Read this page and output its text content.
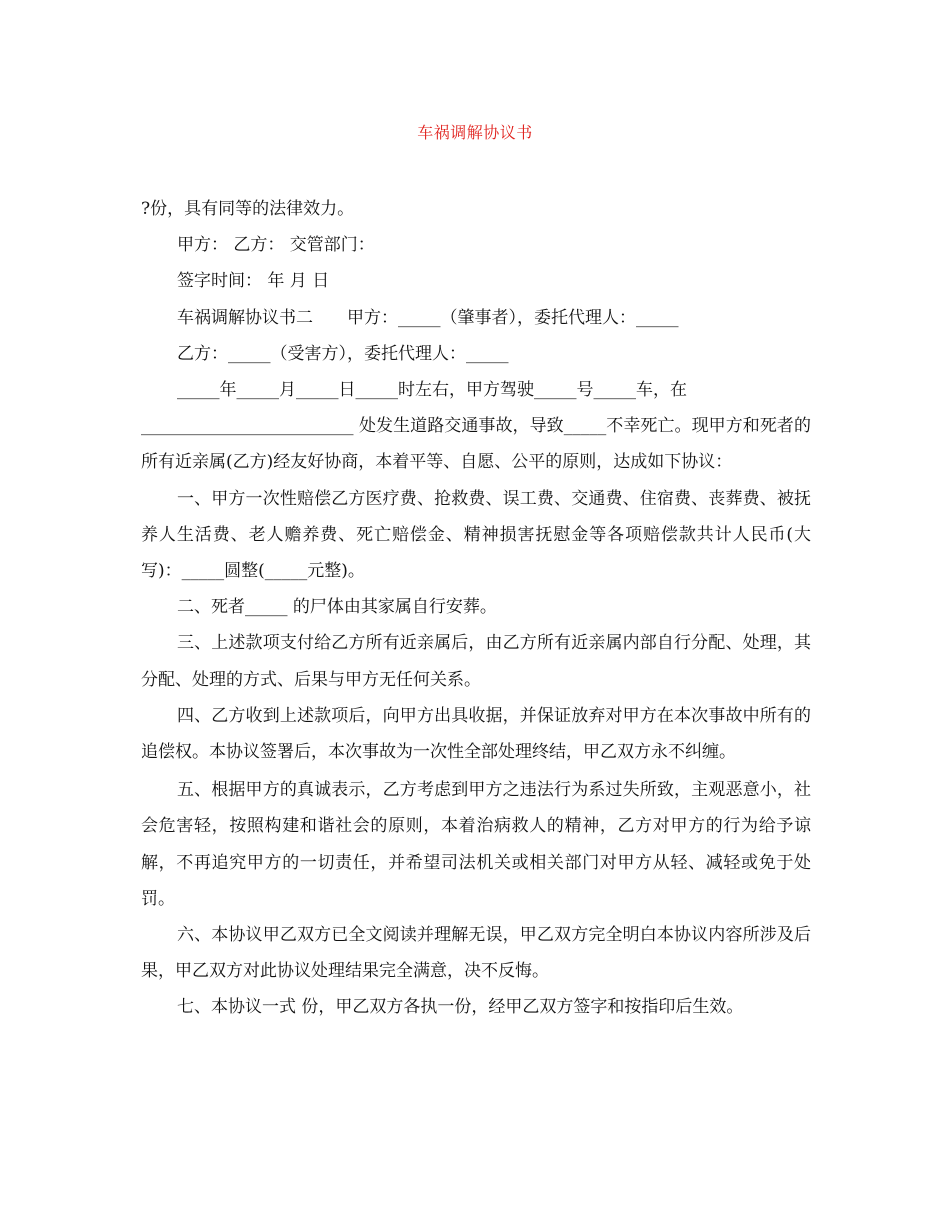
车祸调解协议书

?份，具有同等的法律效力。

甲方： 乙方： 交管部门：

签字时间： 年 月 日

车祸调解协议书二　　甲方：_____（肇事者），委托代理人：_____

乙方：_____（受害方），委托代理人：_____

_____年_____月_____日_____时左右，甲方驾驶_____号_____车，在

_________________________ 处发生道路交通事故，导致_____不幸死亡。现甲方和死者的所有近亲属(乙方)经友好协商，本着平等、自愿、公平的原则，达成如下协议：

一、甲方一次性赔偿乙方医疗费、抢救费、误工费、交通费、住宿费、丧葬费、被抚养人生活费、老人赡养费、死亡赔偿金、精神损害抚慰金等各项赔偿款共计人民币(大写)：_____圆整(_____元整)。

二、死者_____ 的尸体由其家属自行安葬。

三、上述款项支付给乙方所有近亲属后，由乙方所有近亲属内部自行分配、处理，其分配、处理的方式、后果与甲方无任何关系。

四、乙方收到上述款项后，向甲方出具收据，并保证放弃对甲方在本次事故中所有的追偿权。本协议签署后，本次事故为一次性全部处理终结，甲乙双方永不纠缠。

五、根据甲方的真诚表示，乙方考虑到甲方之违法行为系过失所致，主观恶意小，社会危害轻，按照构建和谐社会的原则，本着治病救人的精神，乙方对甲方的行为给予谅解，不再追究甲方的一切责任，并希望司法机关或相关部门对甲方从轻、减轻或免于处罚。

六、本协议甲乙双方已全文阅读并理解无误，甲乙双方完全明白本协议内容所涉及后果，甲乙双方对此协议处理结果完全满意，决不反悔。

七、本协议一式 份，甲乙双方各执一份，经甲乙双方签字和按指印后生效。
